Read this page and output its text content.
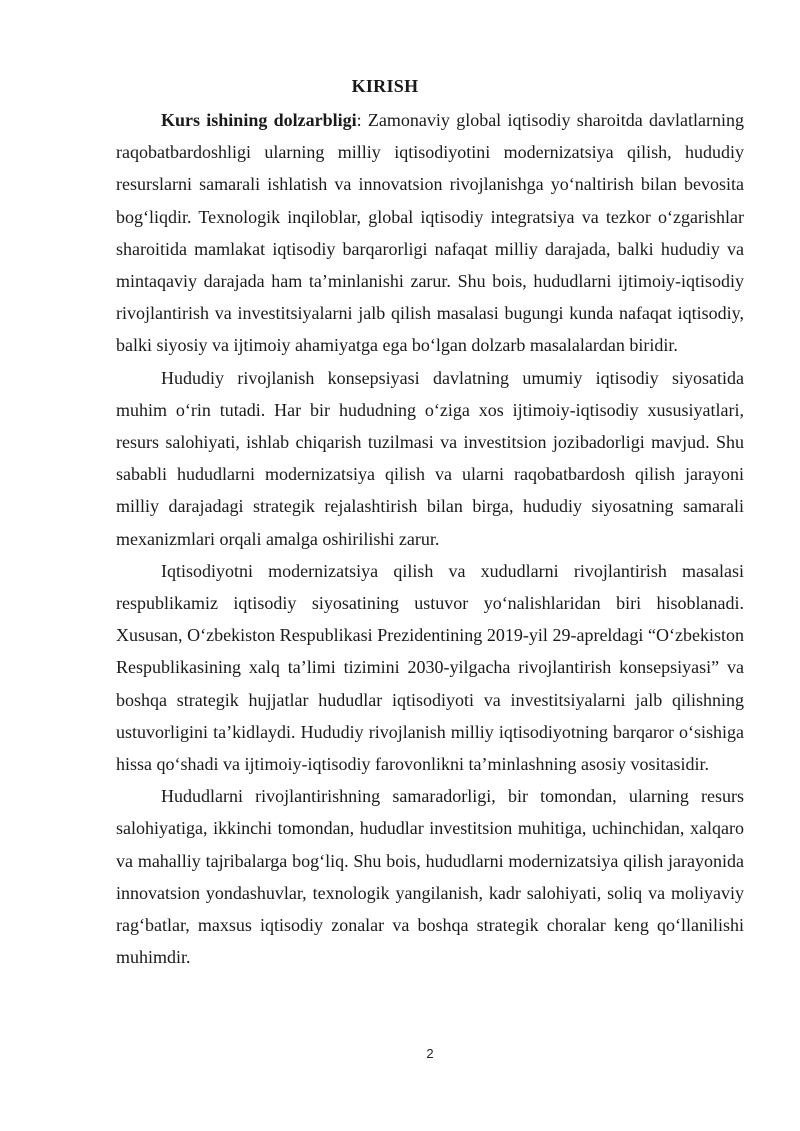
KIRISH

Kurs ishining dolzarbligi: Zamonaviy global iqtisodiy sharoitda davlatlarning raqobatbardoshligi ularning milliy iqtisodiyotini modernizatsiya qilish, hududiy resurslarni samarali ishlatish va innovatsion rivojlanishga yo‘naltirish bilan bevosita bog‘liqdir. Texnologik inqiloblar, global iqtisodiy integratsiya va tezkor o‘zgarishlar sharoitida mamlakat iqtisodiy barqarorligi nafaqat milliy darajada, balki hududiy va mintaqaviy darajada ham ta’minlanishi zarur. Shu bois, hududlarni ijtimoiy-iqtisodiy rivojlantirish va investitsiyalarni jalb qilish masalasi bugungi kunda nafaqat iqtisodiy, balki siyosiy va ijtimoiy ahamiyatga ega bo‘lgan dolzarb masalalardan biridir.

Hududiy rivojlanish konsepsiyasi davlatning umumiy iqtisodiy siyosatida muhim o‘rin tutadi. Har bir hududning o‘ziga xos ijtimoiy-iqtisodiy xususiyatlari, resurs salohiyati, ishlab chiqarish tuzilmasi va investitsion jozibadorligi mavjud. Shu sababli hududlarni modernizatsiya qilish va ularni raqobatbardosh qilish jarayoni milliy darajadagi strategik rejalashtirish bilan birga, hududiy siyosatning samarali mexanizmlari orqali amalga oshirilishi zarur.

Iqtisodiyotni modernizatsiya qilish va xududlarni rivojlantirish masalasi respublikamiz iqtisodiy siyosatining ustuvor yo‘nalishlaridan biri hisoblanadi. Xususan, O‘zbekiston Respublikasi Prezidentining 2019-yil 29-apreldagi “O‘zbekiston Respublikasining xalq ta’limi tizimini 2030-yilgacha rivojlantirish konsepsiyasi” va boshqa strategik hujjatlar hududlar iqtisodiyoti va investitsiyalarni jalb qilishning ustuvorligini ta’kidlaydi. Hududiy rivojlanish milliy iqtisodiyotning barqaror o‘sishiga hissa qo‘shadi va ijtimoiy-iqtisodiy farovonlikni ta’minlashning asosiy vositasidir.

Hududlarni rivojlantirishning samaradorligi, bir tomondan, ularning resurs salohiyatiga, ikkinchi tomondan, hududlar investitsion muhitiga, uchinchidan, xalqaro va mahalliy tajribalarga bog‘liq. Shu bois, hududlarni modernizatsiya qilish jarayonida innovatsion yondashuvlar, texnologik yangilanish, kadr salohiyati, soliq va moliyaviy rag‘batlar, maxsus iqtisodiy zonalar va boshqa strategik choralar keng qo‘llanilishi muhimdir.

2
